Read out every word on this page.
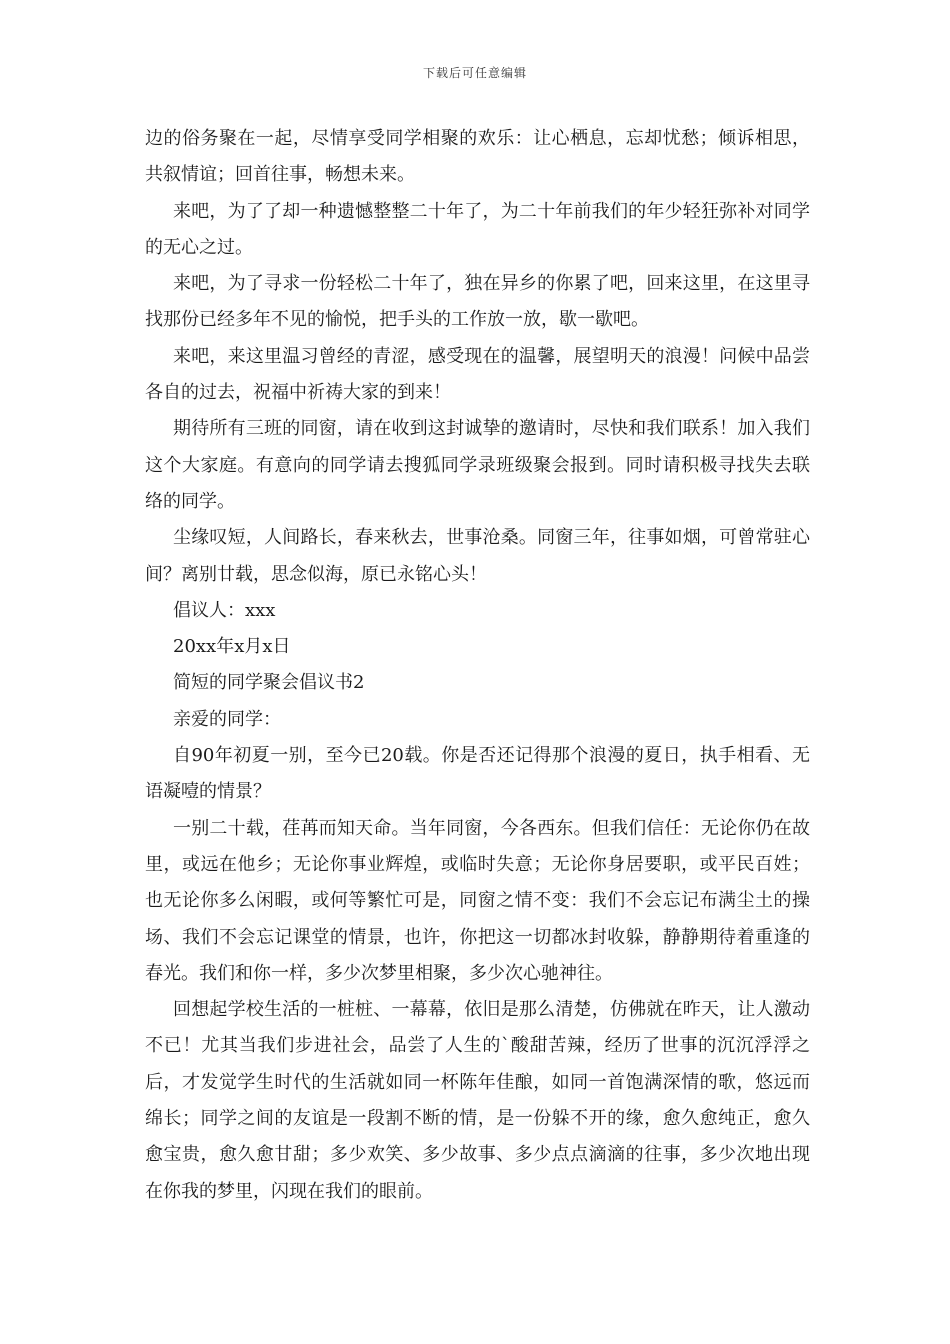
下载后可任意编辑

边的俗务聚在一起，尽情享受同学相聚的欢乐：让心栖息，忘却忧愁；倾诉相思，共叙情谊；回首往事，畅想未来。

来吧，为了了却一种遗憾整整二十年了，为二十年前我们的年少轻狂弥补对同学的无心之过。

来吧，为了寻求一份轻松二十年了，独在异乡的你累了吧，回来这里，在这里寻找那份已经多年不见的愉悦，把手头的工作放一放，歇一歇吧。

来吧，来这里温习曾经的青涩，感受现在的温馨，展望明天的浪漫！问候中品尝各自的过去，祝福中祈祷大家的到来！

期待所有三班的同窗，请在收到这封诚挚的邀请时，尽快和我们联系！加入我们这个大家庭。有意向的同学请去搜狐同学录班级聚会报到。同时请积极寻找失去联络的同学。

尘缘叹短，人间路长，春来秋去，世事沧桑。同窗三年，往事如烟，可曾常驻心间？离别廿载，思念似海，原已永铭心头！

倡议人：xxx

20xx年x月x日

简短的同学聚会倡议书2

亲爱的同学：

自90年初夏一别，至今已20载。你是否还记得那个浪漫的夏日，执手相看、无语凝噎的情景？

一别二十载，荏苒而知天命。当年同窗，今各西东。但我们信任：无论你仍在故里，或远在他乡；无论你事业辉煌，或临时失意；无论你身居要职，或平民百姓；也无论你多么闲暇，或何等繁忙可是，同窗之情不变：我们不会忘记布满尘土的操场、我们不会忘记课堂的情景，也许，你把这一切都冰封收躲，静静期待着重逢的春光。我们和你一样，多少次梦里相聚，多少次心驰神往。

回想起学校生活的一桩桩、一幕幕，依旧是那么清楚，仿佛就在昨天，让人激动不已！尤其当我们步进社会，品尝了人生的`酸甜苦辣，经历了世事的沉沉浮浮之后，才发觉学生时代的生活就如同一杯陈年佳酿，如同一首饱满深情的歌，悠远而绵长；同学之间的友谊是一段割不断的情，是一份躲不开的缘，愈久愈纯正，愈久愈宝贵，愈久愈甘甜；多少欢笑、多少故事、多少点点滴滴的往事，多少次地出现在你我的梦里，闪现在我们的眼前。
